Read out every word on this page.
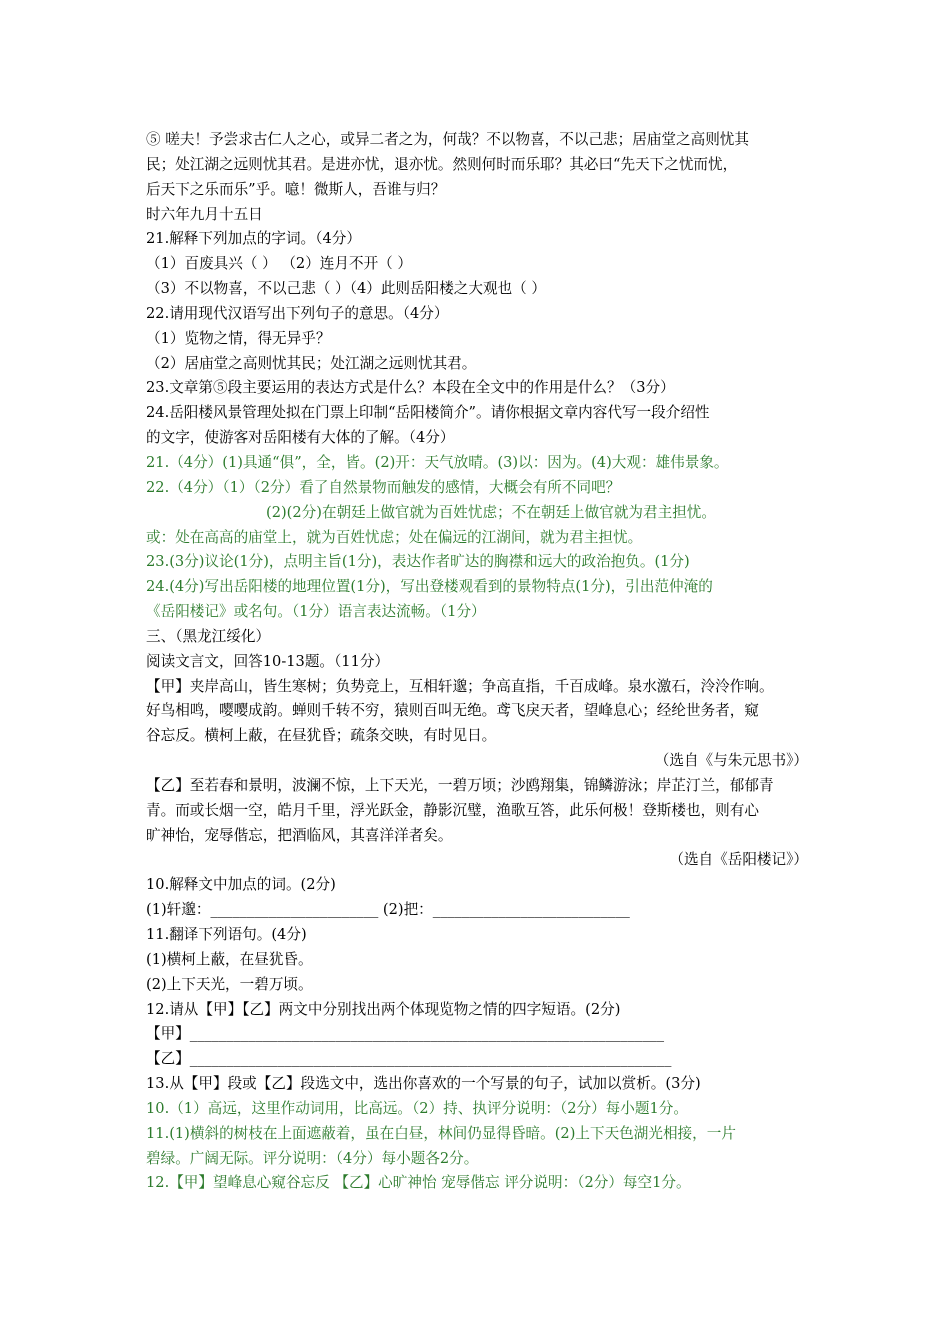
⑤ 嗟夫！予尝求古仁人之心，或异二者之为，何哉？不以物喜，不以己悲；居庙堂之高则忧其
民；处江湖之远则忧其君。是进亦忧，退亦忧。然则何时而乐耶？其必曰“先天下之忧而忧，
后天下之乐而乐”乎。噫！微斯人，吾谁与归？
时六年九月十五日
21.解释下列加点的字词。（4分）
（1）百废具兴（ ） （2）连月不开（ ）
（3）不以物喜，不以己悲（ ）（4）此则岳阳楼之大观也（ ）
22.请用现代汉语写出下列句子的意思。（4分）
（1）览物之情，得无异乎？
（2）居庙堂之高则忧其民；处江湖之远则忧其君。
23.文章第⑤段主要运用的表达方式是什么？本段在全文中的作用是什么？（3分）
24.岳阳楼风景管理处拟在门票上印制“岳阳楼简介”。请你根据文章内容代写一段介绍性
的文字，使游客对岳阳楼有大体的了解。（4分）
21.（4分）(1)具通“俱”，全，皆。(2)开：天气放晴。(3)以：因为。(4)大观：雄伟景象。
22.（4分）（1）（2分）看了自然景物而触发的感情，大概会有所不同吧？
(2)(2分)在朝廷上做官就为百姓忧虑；不在朝廷上做官就为君主担忧。
或：处在高高的庙堂上，就为百姓忧虑；处在偏远的江湖间，就为君主担忧。
23.(3分)议论(1分)，点明主旨(1分)，表达作者旷达的胸襟和远大的政治抱负。(1分)
24.(4分)写出岳阳楼的地理位置(1分)，写出登楼观看到的景物特点(1分)，引出范仲淹的
《岳阳楼记》或名句。（1分）语言表达流畅。（1分）
三、（黑龙江绥化）
阅读文言文，回答10-13题。（11分）
【甲】夹岸高山，皆生寒树；负势竞上，互相轩邈；争高直指，千百成峰。泉水激石，泠泠作响。
好鸟相鸣，嘤嘤成韵。蝉则千转不穷，猿则百叫无绝。鸢飞戾天者，望峰息心；经纶世务者，窥
谷忘反。横柯上蔽，在昼犹昏；疏条交映，有时见日。
（选自《与朱元思书》）
【乙】至若春和景明，波澜不惊，上下天光，一碧万顷；沙鸥翔集，锦鳞游泳；岸芷汀兰，郁郁青
青。而或长烟一空，皓月千里，浮光跃金，静影沉璧，渔歌互答，此乐何极！登斯楼也，则有心
旷神怡，宠辱偕忘，把酒临风，其喜洋洋者矣。
（选自《岳阳楼记》）
10.解释文中加点的词。(2分)
(1)轩邈：_______________________ (2)把：___________________________
11.翻译下列语句。(4分)
(1)横柯上蔽，在昼犹昏。
(2)上下天光，一碧万顷。
12.请从【甲】【乙】两文中分别找出两个体现览物之情的四字短语。(2分)
【甲】_________________________________________________________________
【乙】__________________________________________________________________
13.从【甲】段或【乙】段选文中，选出你喜欢的一个写景的句子，试加以赏析。(3分)
10.（1）高远，这里作动词用，比高远。（2）持、执评分说明：（2分）每小题1分。
11.(1)横斜的树枝在上面遮蔽着，虽在白昼，林间仍显得昏暗。(2)上下天色湖光相接，一片
碧绿。广阔无际。评分说明：（4分）每小题各2分。
12.【甲】望峰息心窥谷忘反 【乙】心旷神怡 宠辱偕忘 评分说明：（2分）每空1分。
